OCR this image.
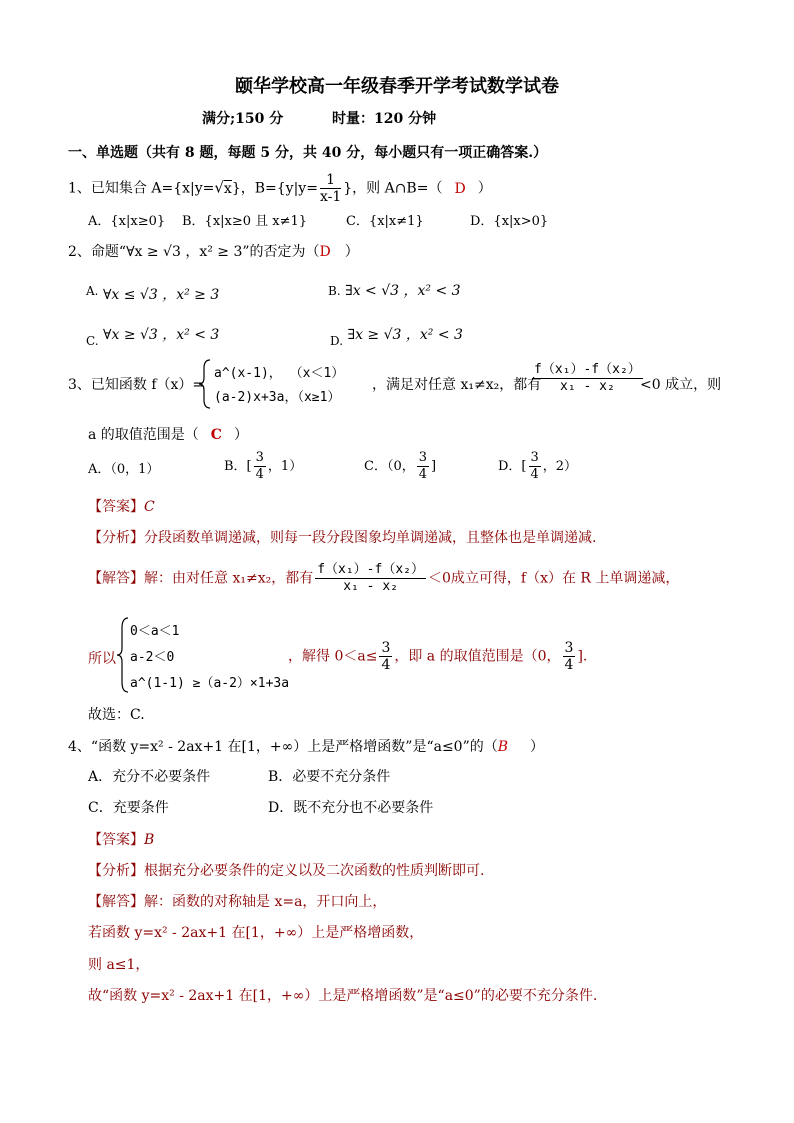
颐华学校高一年级春季开学考试数学试卷
满分;150 分	时量：120 分钟
一、单选题（共有 8 题，每题 5 分，共 40 分，每小题只有一项正确答案.）
1、已知集合 A={x|y=√x}，$B=\{y|y= \frac{1}{x-1}$ }，则 A∩B=（ D ）
A．{x|x≥0} B．{x|x≥0 且 x≠1}	C．{x|x≠1}	D．{x|x>0}
2、命题“∀x ≥ √3 ，x² ≥ 3”的否定为（D ）
A. ∀x ≤ √3 ，x² ≥ 3	B. ∃x < √3 ，x² < 3
C. ∀x ≥ √3 ，x² < 3	D. ∃x ≥ √3 ，x² < 3
3、已知函数 f（x）=
a^(x-1)， （x＜1）
(a-2)x+3a，（x≥1）
，满足对任意 x₁≠x₂，都有
$\frac{\text{f（x₁）-f（x₂）}}{\text{x₁ - x₂}}$
<0 成立，则
a 的取值范围是（ C ）
A．（0，1）	B．[ $\frac{3}{4}$ ，1）	C．（0， $\frac{3}{4}$ ]	D．[ $\frac{3}{4}$ ，2）
【答案】C
【分析】分段函数单调递减，则每一段分段图象均单调递减，且整体也是单调递减.
【解答】解：由对任意 x₁≠x₂，都有 $\frac{\text{f（x₁）-f（x₂）}}{\text{x₁ - x₂}} <0$成立可得，f（x）在 R 上单调递减，
所以
0＜a＜1
a-2＜0
a^(1-1) ≥（a-2）×1+3a
，解得 $0<a\le \frac{3}{4}$ ，即 a 的取值范围是（0， $\frac{3}{4}$ ].
故选：C.
4、“函数 y=x² - 2ax+1 在[1，+∞）上是严格增函数”是“a≤0”的（B ）
A．充分不必要条件	B．必要不充分条件
C．充要条件	D．既不充分也不必要条件
【答案】B
【分析】根据充分必要条件的定义以及二次函数的性质判断即可.
【解答】解：函数的对称轴是 x=a，开口向上，
若函数 y=x² - 2ax+1 在[1，+∞）上是严格增函数，
则 a≤1，
故“函数 y=x² - 2ax+1 在[1，+∞）上是严格增函数”是“a≤0”的必要不充分条件.
